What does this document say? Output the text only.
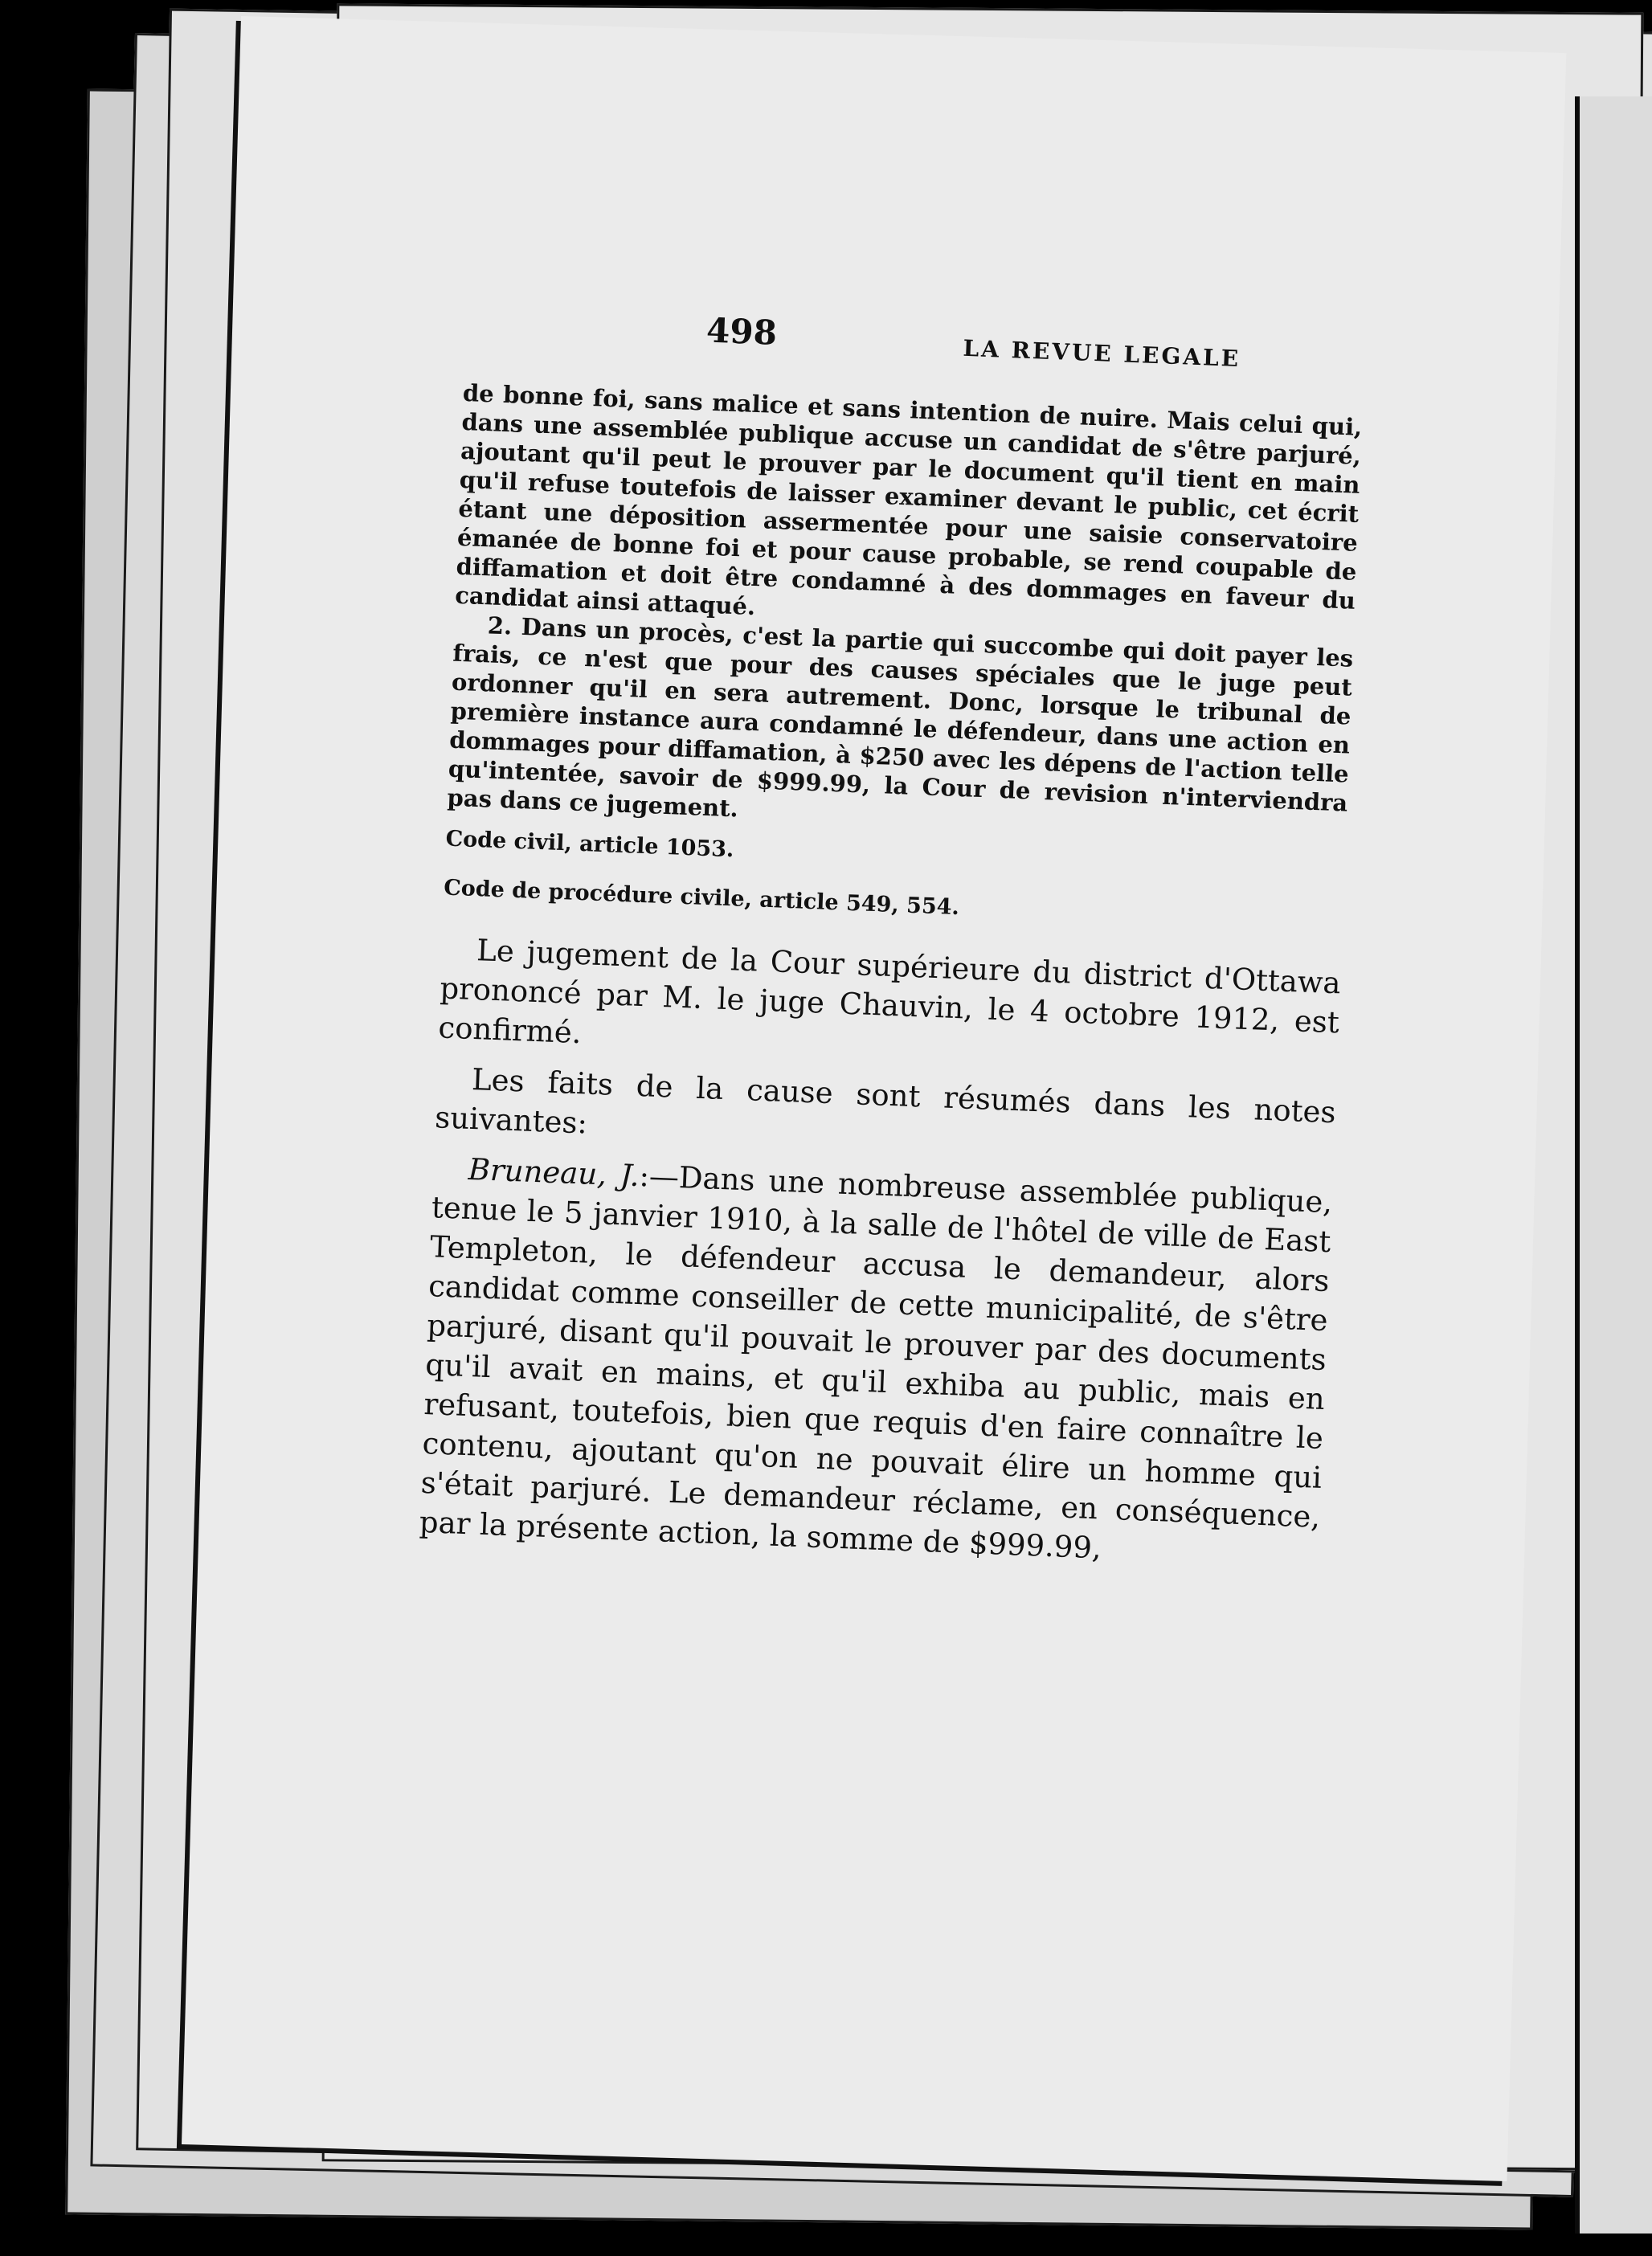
498
LA REVUE LEGALE

de bonne foi, sans malice et sans intention de nuire. Mais celui qui, dans une assemblée publique accuse un candidat de s'être parjuré, ajoutant qu'il peut le prouver par le document qu'il tient en main qu'il refuse toutefois de laisser examiner devant le public, cet écrit étant une déposition assermentée pour une saisie conservatoire émanée de bonne foi et pour cause probable, se rend coupable de diffamation et doit être condamné à des dommages en faveur du candidat ainsi attaqué.

2. Dans un procès, c'est la partie qui succombe qui doit payer les frais, ce n'est que pour des causes spéciales que le juge peut ordonner qu'il en sera autrement. Donc, lorsque le tribunal de première instance aura condamné le défendeur, dans une action en dommages pour diffamation, à $250 avec les dépens de l'action telle qu'intentée, savoir de $999.99, la Cour de revision n'interviendra pas dans ce jugement.

Code civil, article 1053.
Code de procédure civile, article 549, 554.

Le jugement de la Cour supérieure du district d'Ottawa prononcé par M. le juge Chauvin, le 4 octobre 1912, est confirmé.

Les faits de la cause sont résumés dans les notes suivantes:

Bruneau, J.:—Dans une nombreuse assemblée publique, tenue le 5 janvier 1910, à la salle de l'hôtel de ville de East Templeton, le défendeur accusa le demandeur, alors candidat comme conseiller de cette municipalité, de s'être parjuré, disant qu'il pouvait le prouver par des documents qu'il avait en mains, et qu'il exhiba au public, mais en refusant, toutefois, bien que requis d'en faire connaître le contenu, ajoutant qu'on ne pouvait élire un homme qui s'était parjuré. Le demandeur réclame, en conséquence, par la présente action, la somme de $999.99,
